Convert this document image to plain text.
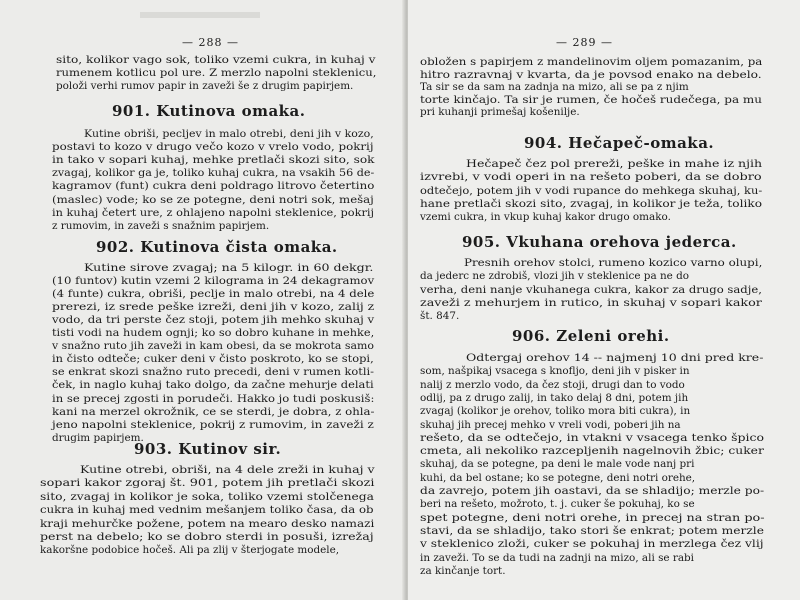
— 288 —
sito, kolikor vago sok, toliko vzemi cukra, in kuhaj v
rumenem kotlicu pol ure. Z merzlo napolni steklenicu,
položi verhi rumov papir in zaveži še z drugim papirjem.
901. Kutinova omaka.
Kutine obriši, pecljev in malo otrebi, deni jih v kozo,
postavi to kozo v drugo večo kozo v vrelo vodo, pokrij
in tako v sopari kuhaj, mehke pretlači skozi sito, sok
zvagaj, kolikor ga je, toliko kuhaj cukra, na vsakih 56 de-
kagramov (funt) cukra deni poldrago litrovo četertino
(maslec) vode; ko se ze potegne, deni notri sok, mešaj
in kuhaj četert ure, z ohlajeno napolni steklenice, pokrij
z rumovim, in zaveži s snažnim papirjem.
902. Kutinova čista omaka.
Kutine sirove zvagaj; na 5 kilogr. in 60 dekgr.
(10 funtov) kutin vzemi 2 kilograma in 24 dekagramov
(4 funte) cukra, obriši, peclje in malo otrebi, na 4 dele
prerezi, iz srede peške izreži, deni jih v kozo, zalij z
vodo, da tri perste čez stoji, potem jih mehko skuhaj v
tisti vodi na hudem ognji; ko so dobro kuhane in mehke,
v snažno ruto jih zaveži in kam obesi, da se mokrota samo
in čisto odteče; cuker deni v čisto poskroto, ko se stopi,
se enkrat skozi snažno ruto precedi, deni v rumen kotli-
ček, in naglo kuhaj tako dolgo, da začne mehurje delati
in se precej zgosti in porudeči. Hakko jo tudi poskusiš:
kani na merzel okrožnik, ce se sterdi, je dobra, z ohla-
jeno napolni steklenice, pokrij z rumovim, in zaveži z
drugim papirjem.
903. Kutinov sir.
Kutine otrebi, obriši, na 4 dele zreži in kuhaj v
sopari kakor zgoraj št. 901, potem jih pretlači skozi
sito, zvagaj in kolikor je soka, toliko vzemi stolčenega
cukra in kuhaj med vednim mešanjem toliko časa, da ob
kraji mehurčke požene, potem na mearo desko namazi
perst na debelo; ko se dobro sterdi in posuši, izrežaj
kakoršne podobice hočeš. Ali pa zlij v šterjogate modele,
— 289 —
obložen s papirjem z mandelinovim oljem pomazanim, pa
hitro razravnaj v kvarta, da je povsod enako na debelo.
Ta sir se da sam na zadnja na mizo, ali se pa z njim
torte kinčajo. Ta sir je rumen, če hočeš rudečega, pa mu
pri kuhanji primešaj košenilje.
904. Hečapeč-omaka.
Hečapeč čez pol prereži, peške in mahe iz njih
izvrebi, v vodi operi in na rešeto poberi, da se dobro
odtečejo, potem jih v vodi rupance do mehkega skuhaj, ku-
hane pretlači skozi sito, zvagaj, in kolikor je teža, toliko
vzemi cukra, in vkup kuhaj kakor drugo omako.
905. Vkuhana orehova jederca.
Presnih orehov stolci, rumeno kozico varno olupi,
da jederc ne zdrobiš, vlozi jih v steklenice pa ne do
verha, deni nanje vkuhanega cukra, kakor za drugo sadje,
zaveži z mehurjem in rutico, in skuhaj v sopari kakor
št. 847.
906. Zeleni orehi.
Odtergaj orehov 14 -- najmenj 10 dni pred kre-
som, našpikaj vsacega s knofljo, deni jih v pisker in
nalij z merzlo vodo, da čez stoji, drugi dan to vodo
odlij, pa z drugo zalij, in tako delaj 8 dni, potem jih
zvagaj (kolikor je orehov, toliko mora biti cukra), in
skuhaj jih precej mehko v vreli vodi, poberi jih na
rešeto, da se odtečejo, in vtakni v vsacega tenko špico
cmeta, ali nekoliko razcepljenih nagelnovih žbic; cuker
skuhaj, da se potegne, pa deni le male vode nanj pri
kuhi, da bel ostane; ko se potegne, deni notri orehe,
da zavrejo, potem jih oastavi, da se shladijo; merzle po-
beri na rešeto, možroto, t. j. cuker še pokuhaj, ko se
spet potegne, deni notri orehe, in precej na stran po-
stavi, da se shladijo, tako stori še enkrat; potem merzle
v steklenico zloži, cuker se pokuhaj in merzlega čez vlij
in zaveži. To se da tudi na zadnji na mizo, ali se rabi
za kinčanje tort.
